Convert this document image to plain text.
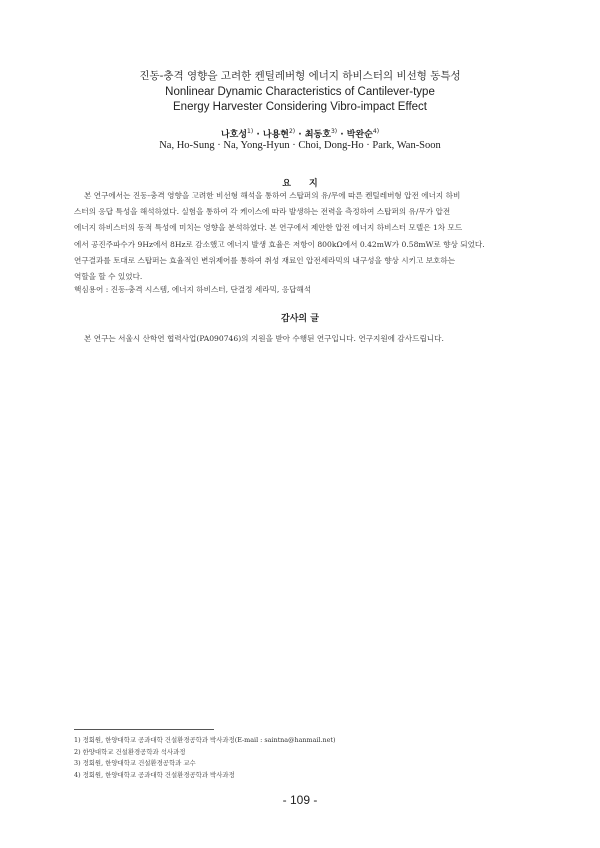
진동-충격 영향을 고려한 켄틸레버형 에너지 하비스터의 비선형 동특성
Nonlinear Dynamic Characteristics of Cantilever-type
Energy Harvester Considering Vibro-impact Effect
나호성$^{1)}$ · 나용현$^{2)}$ · 최동호$^{3)}$ · 박완순$^{4)}$
Na, Ho-Sung · Na, Yong-Hyun · Choi, Dong-Ho · Park, Wan-Soon
요지
본 연구에서는 진동-충격 영향을 고려한 비선형 해석을 통하여 스탑퍼의 유/무에 따른 켄틸레버형 압전 에너지 하비
스터의 응답 특성을 해석하였다. 실험을 통하여 각 케이스에 따라 발생하는 전력을 측정하여 스탑퍼의 유/무가 압전
에너지 하비스터의 동적 특성에 미치는 영향을 분석하였다. 본 연구에서 제안한 압전 에너지 하비스터 모델은 1차 모드
에서 공진주파수가 9Hz에서 8Hz로 감소했고 에너지 발생 효율은 저항이 800kΩ에서 0.42mW가 0.58mW로 향상 되었다.
연구결과를 토대로 스탑퍼는 효율적인 변위제어를 통하여 취성 재료인 압전세라믹의 내구성을 향상 시키고 보호하는
역할을 할 수 있었다.
핵심용어 : 진동-충격 시스템, 에너지 하비스터, 단결정 세라믹, 응답해석
감사의 글
본 연구는 서울시 산학연 협력사업(PA090746)의 지원을 받아 수행된 연구입니다. 연구지원에 감사드립니다.
1) 정회원, 한양대학교 공과대학 건설환경공학과 박사과정(E-mail : saintna@hanmail.net)
2) 한양대학교 건설환경공학과 석사과정
3) 정회원, 한양대학교 건설환경공학과 교수
4) 정회원, 한양대학교 공과대학 건설환경공학과 박사과정
- 109 -
